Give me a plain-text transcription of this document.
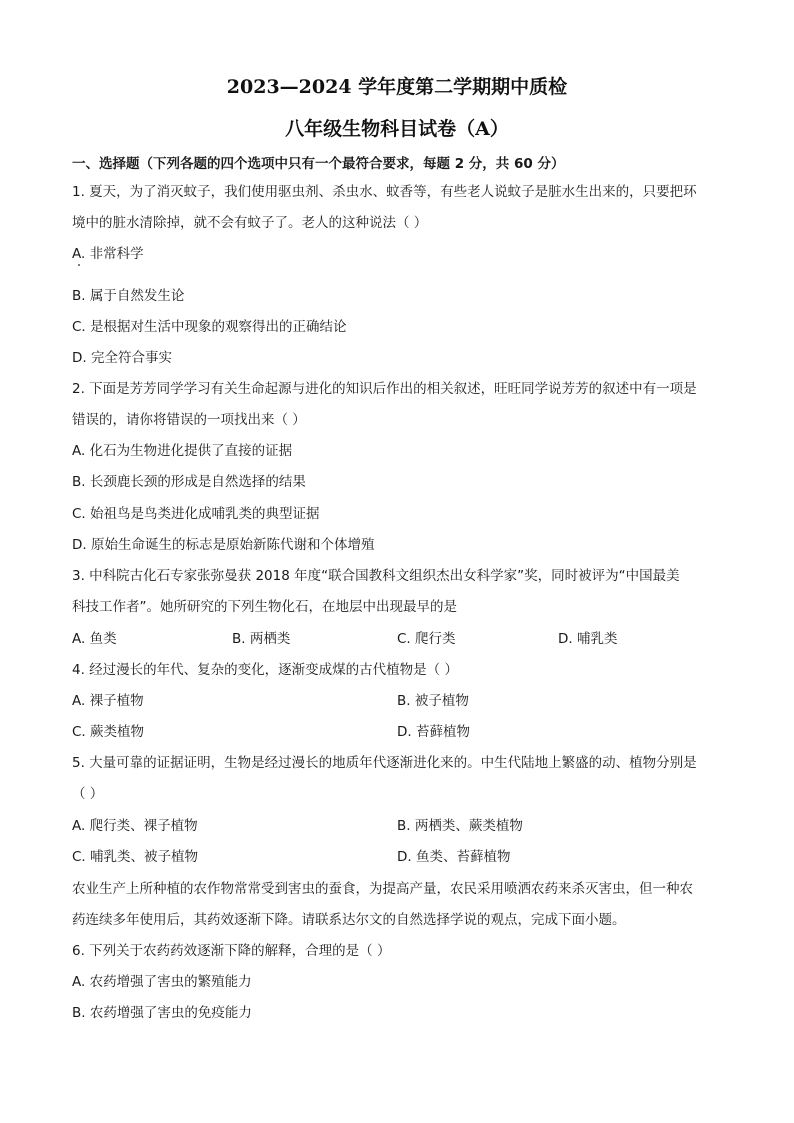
2023—2024 学年度第二学期期中质检
八年级生物科目试卷（A）
一、选择题（下列各题的四个选项中只有一个最符合要求，每题 2 分，共 60 分）
1. 夏天，为了消灭蚊子，我们使用驱虫剂、杀虫水、蚊香等，有些老人说蚊子是脏水生出来的，只要把环
境中的脏水清除掉，就不会有蚊子了。老人的这种说法（ ）
A. 非常科学
B. 属于自然发生论
C. 是根据对生活中现象的观察得出的正确结论
D. 完全符合事实
2. 下面是芳芳同学学习有关生命起源与进化的知识后作出的相关叙述，旺旺同学说芳芳的叙述中有一项是
错误的，请你将错误的一项找出来（ ）
A. 化石为生物进化提供了直接的证据
B. 长颈鹿长颈的形成是自然选择的结果
C. 始祖鸟是鸟类进化成哺乳类的典型证据
D. 原始生命诞生的标志是原始新陈代谢和个体增殖
3. 中科院古化石专家张弥曼获 2018 年度“联合国教科文组织杰出女科学家”奖，同时被评为“中国最美
科技工作者”。她所研究的下列生物化石，在地层中出现最早的是
A. 鱼类	B. 两栖类	C. 爬行类	D. 哺乳类
4. 经过漫长的年代、复杂的变化，逐渐变成煤的古代植物是（ ）
A. 裸子植物	B. 被子植物
C. 蕨类植物	D. 苔藓植物
5. 大量可靠的证据证明，生物是经过漫长的地质年代逐渐进化来的。中生代陆地上繁盛的动、植物分别是
（ ）
A. 爬行类、裸子植物	B. 两栖类、蕨类植物
C. 哺乳类、被子植物	D. 鱼类、苔藓植物
农业生产上所种植的农作物常常受到害虫的蚕食，为提高产量，农民采用喷洒农药来杀灭害虫，但一种农
药连续多年使用后，其药效逐渐下降。请联系达尔文的自然选择学说的观点，完成下面小题。
6. 下列关于农药药效逐渐下降的解释，合理的是（ ）
A. 农药增强了害虫的繁殖能力
B. 农药增强了害虫的免疫能力
